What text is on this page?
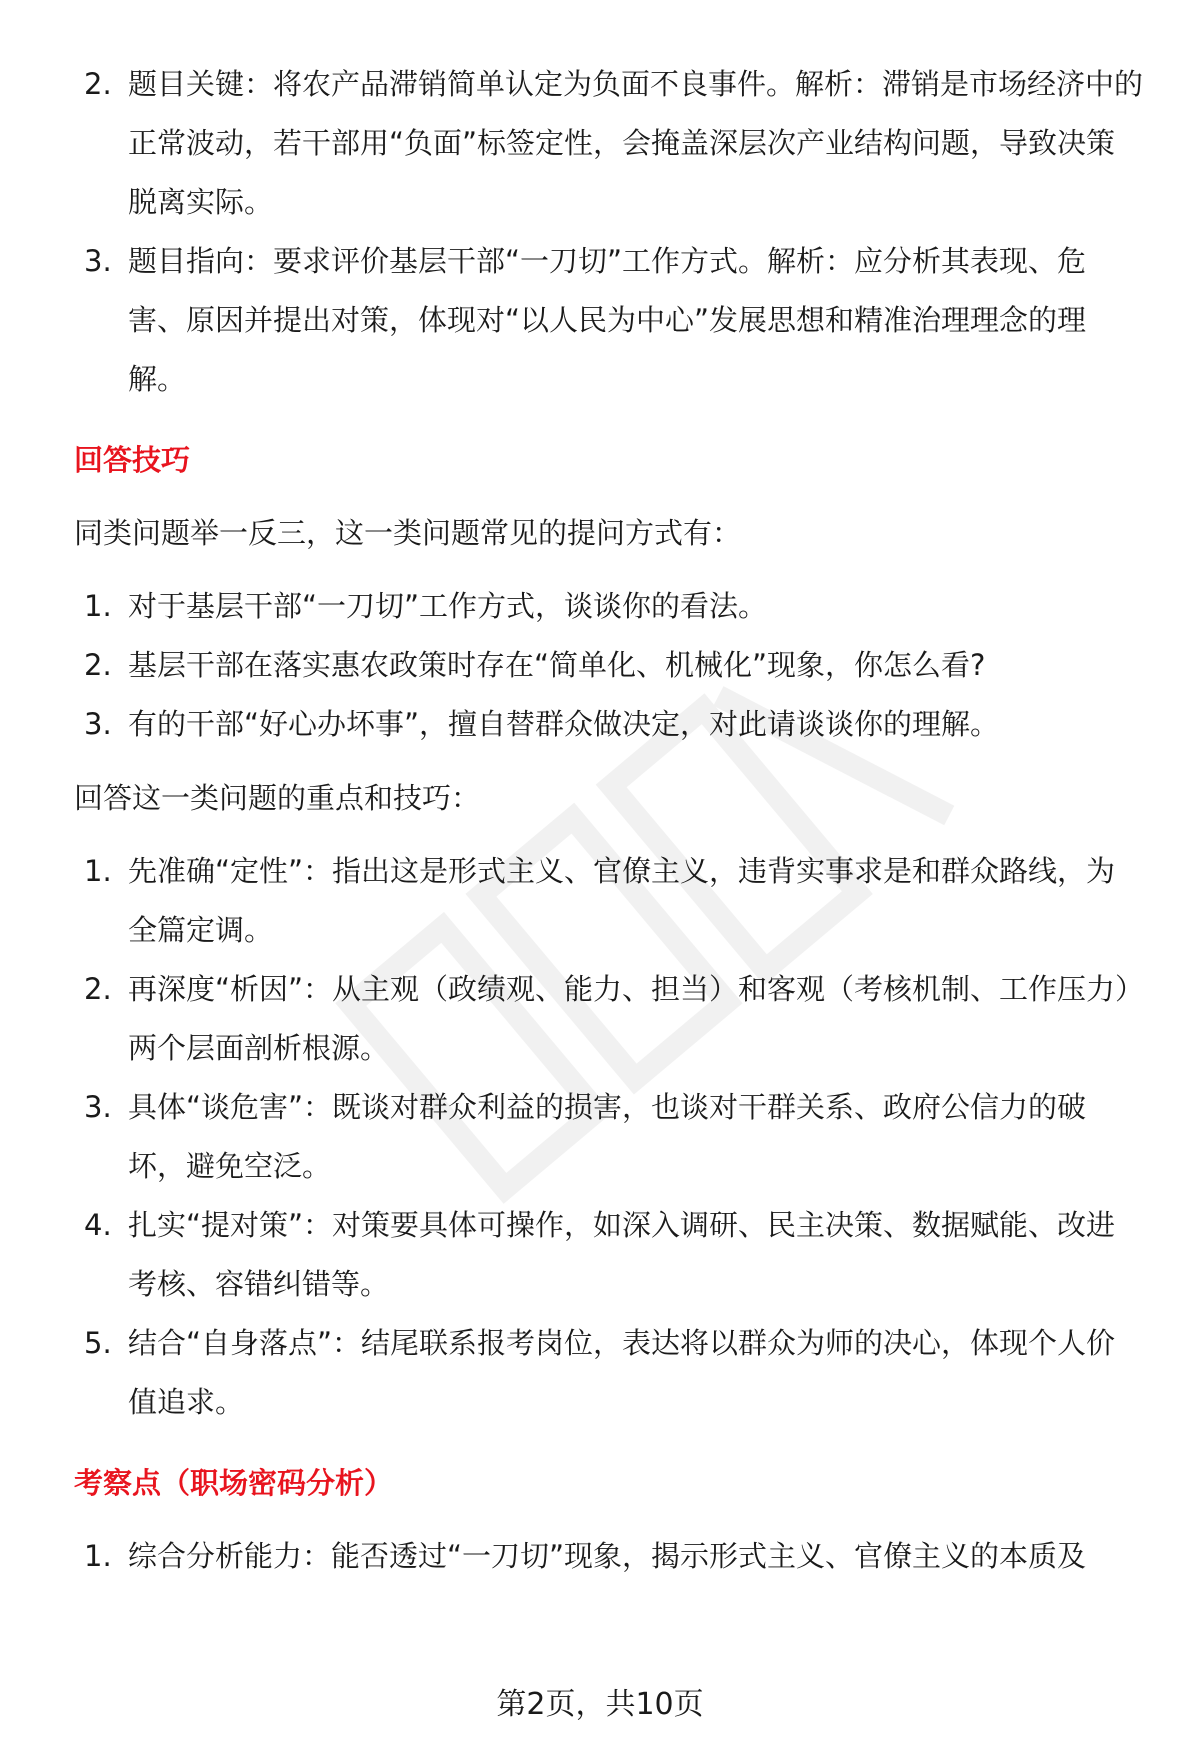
2. 题目关键：将农产品滞销简单认定为负面不良事件。解析：滞销是市场经济中的正常波动，若干部用“负面”标签定性，会掩盖深层次产业结构问题，导致决策脱离实际。
3. 题目指向：要求评价基层干部“一刀切”工作方式。解析：应分析其表现、危害、原因并提出对策，体现对“以人民为中心”发展思想和精准治理理念的理解。
回答技巧

同类问题举一反三，这一类问题常见的提问方式有：

1. 对于基层干部“一刀切”工作方式，谈谈你的看法。
2. 基层干部在落实惠农政策时存在“简单化、机械化”现象，你怎么看?
3. 有的干部“好心办坏事”，擅自替群众做决定，对此请谈谈你的理解。

回答这一类问题的重点和技巧：

1. 先准确“定性”：指出这是形式主义、官僚主义，违背实事求是和群众路线，为全篇定调。
2. 再深度“析因”：从主观（政绩观、能力、担当）和客观（考核机制、工作压力）两个层面剖析根源。
3. 具体“谈危害”：既谈对群众利益的损害，也谈对干群关系、政府公信力的破坏，避免空泛。
4. 扎实“提对策”：对策要具体可操作，如深入调研、民主决策、数据赋能、改进考核、容错纠错等。
5. 结合“自身落点”：结尾联系报考岗位，表达将以群众为师的决心，体现个人价值追求。
考察点（职场密码分析）
1. 综合分析能力：能否透过“一刀切”现象，揭示形式主义、官僚主义的本质及
第2页，共10页
